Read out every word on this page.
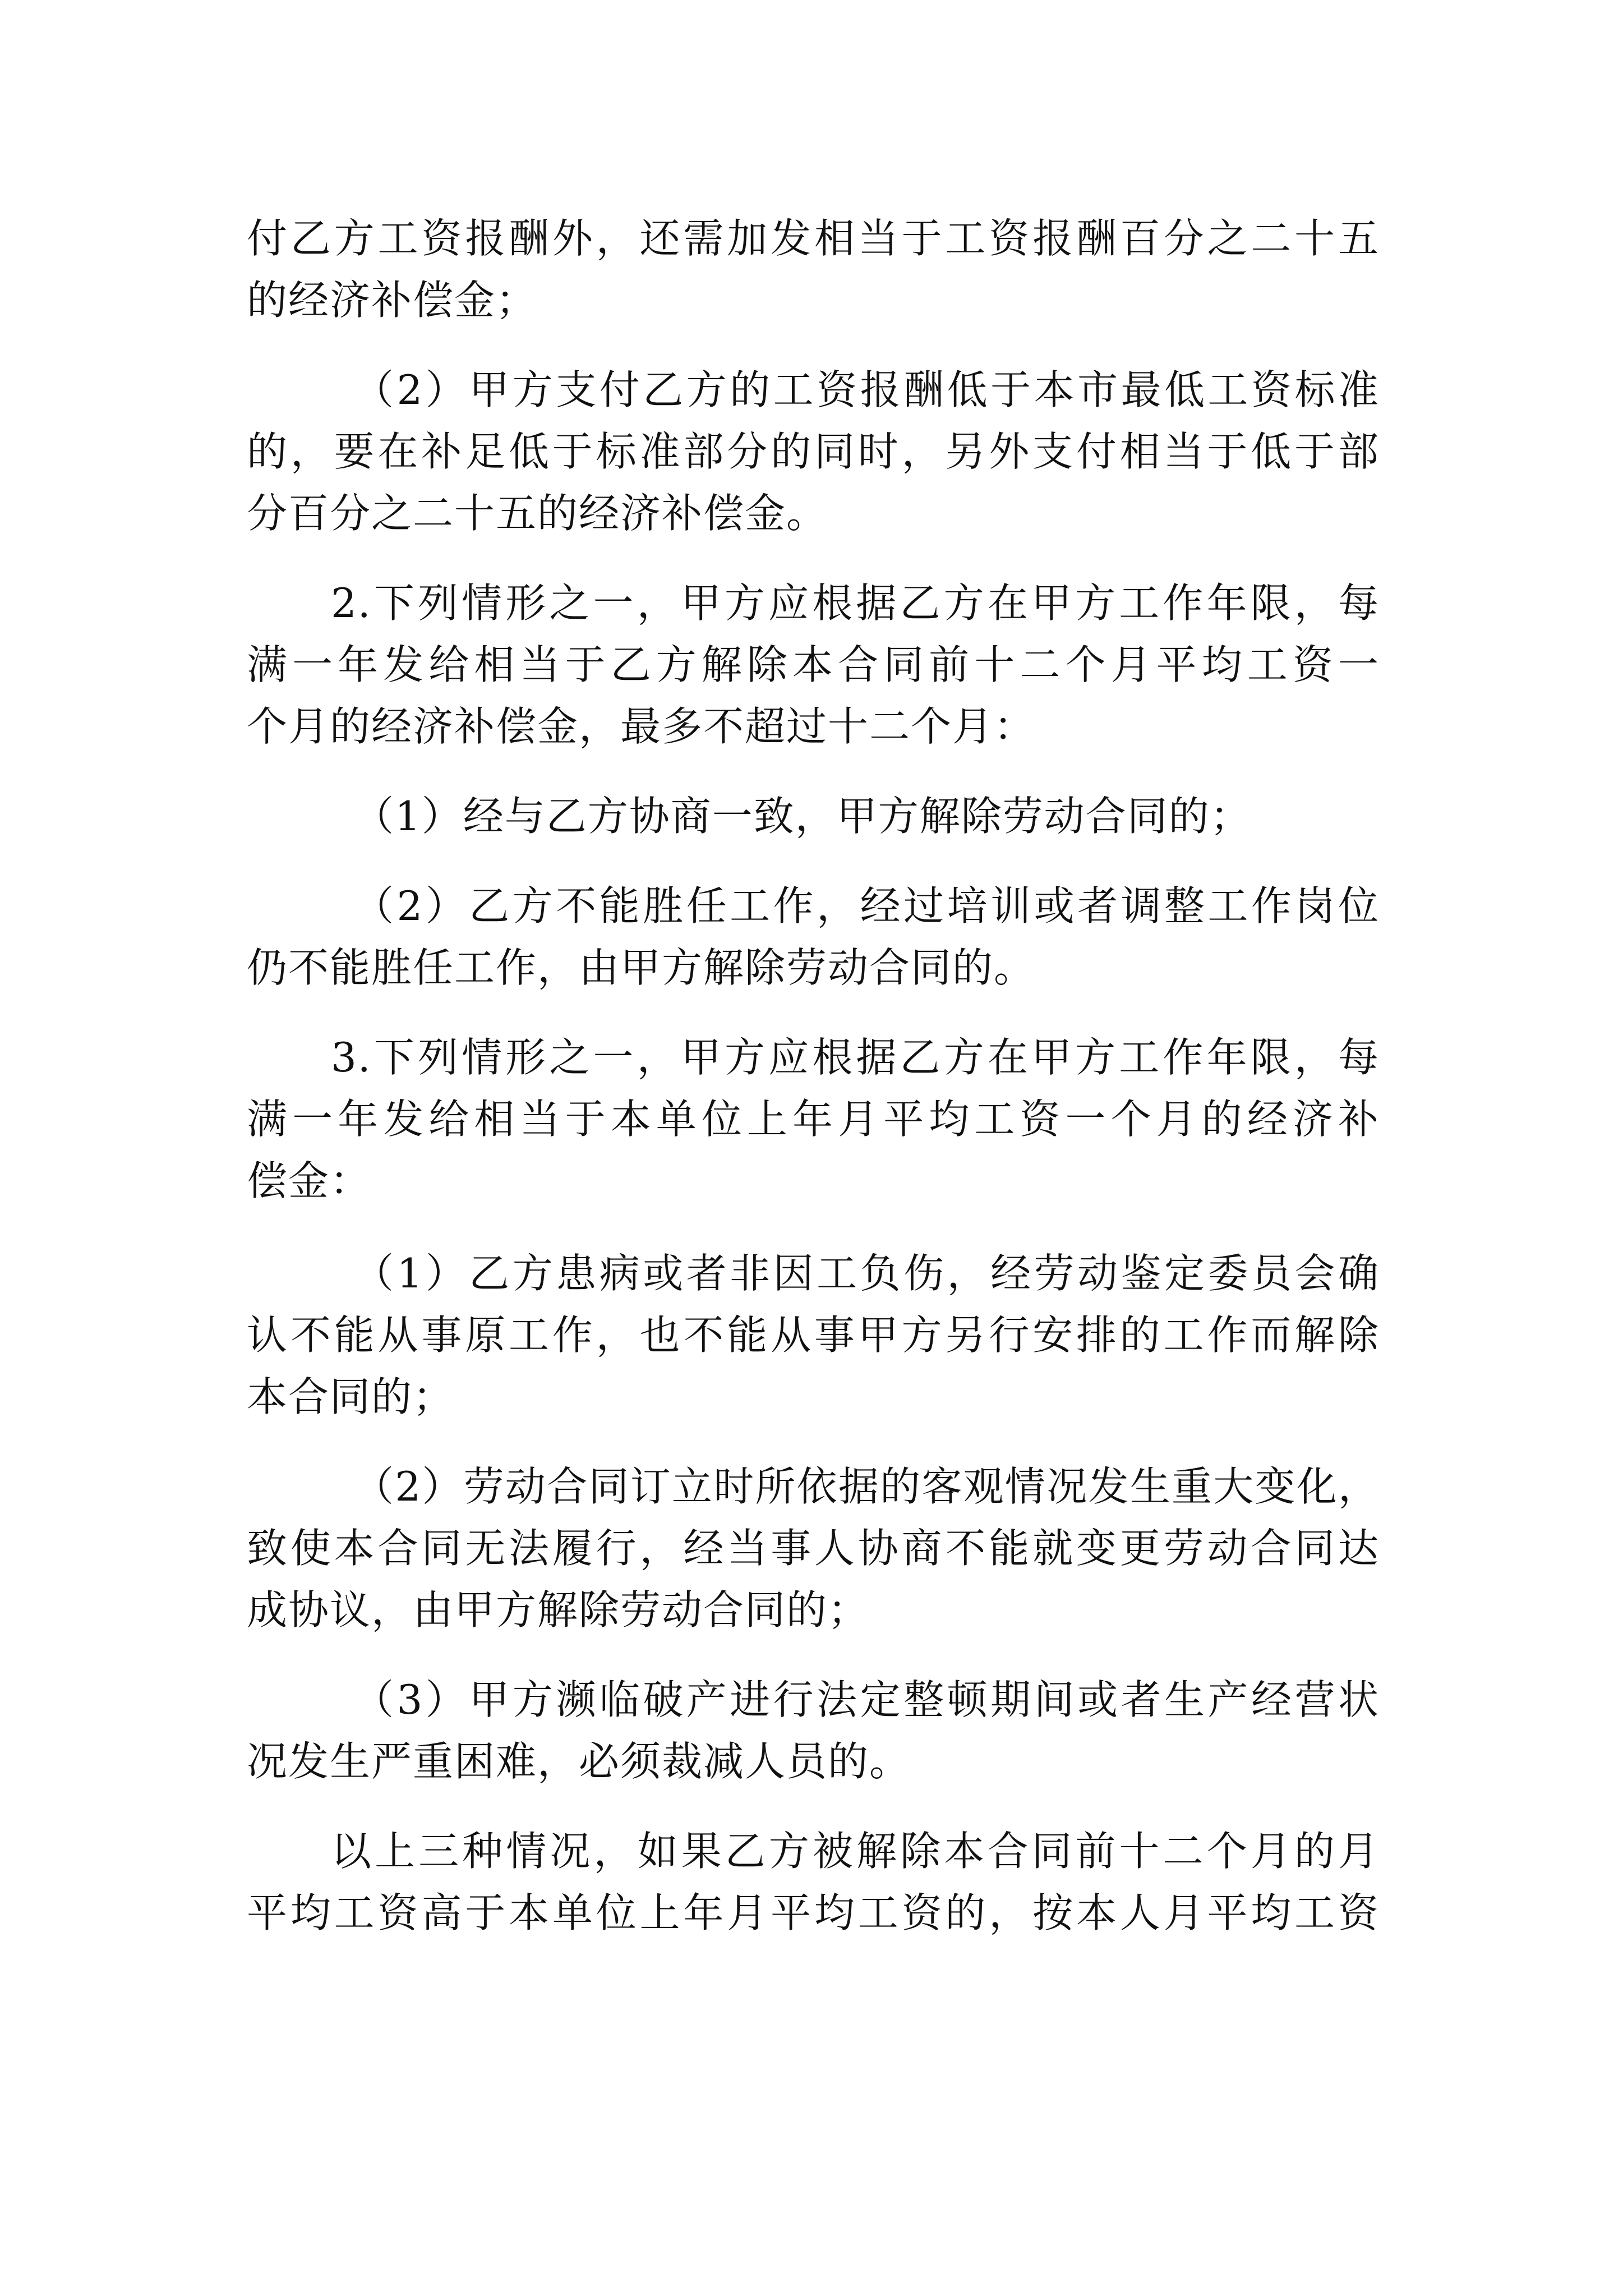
付乙方工资报酬外，还需加发相当于工资报酬百分之二十五
的经济补偿金；
（2）甲方支付乙方的工资报酬低于本市最低工资标准
的，要在补足低于标准部分的同时，另外支付相当于低于部
分百分之二十五的经济补偿金。
2.下列情形之一，甲方应根据乙方在甲方工作年限，每
满一年发给相当于乙方解除本合同前十二个月平均工资一
个月的经济补偿金，最多不超过十二个月：
（1）经与乙方协商一致，甲方解除劳动合同的；
（2）乙方不能胜任工作，经过培训或者调整工作岗位
仍不能胜任工作，由甲方解除劳动合同的。
3.下列情形之一，甲方应根据乙方在甲方工作年限，每
满一年发给相当于本单位上年月平均工资一个月的经济补
偿金：
（1）乙方患病或者非因工负伤，经劳动鉴定委员会确
认不能从事原工作，也不能从事甲方另行安排的工作而解除
本合同的；
（2）劳动合同订立时所依据的客观情况发生重大变化，
致使本合同无法履行，经当事人协商不能就变更劳动合同达
成协议，由甲方解除劳动合同的；
（3）甲方濒临破产进行法定整顿期间或者生产经营状
况发生严重困难，必须裁减人员的。
以上三种情况，如果乙方被解除本合同前十二个月的月
平均工资高于本单位上年月平均工资的，按本人月平均工资
